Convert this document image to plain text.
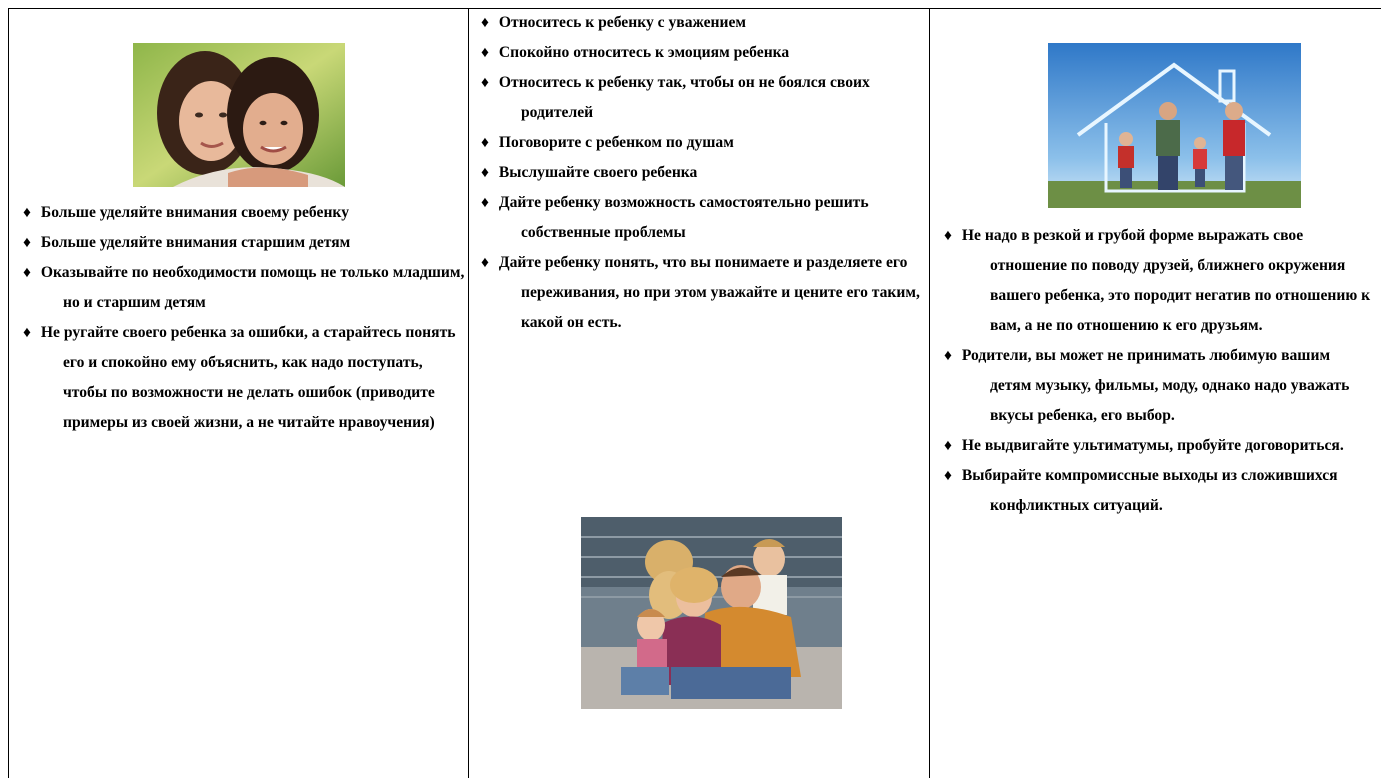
♦ Больше уделяйте внимания своему ребенку
♦ Больше уделяйте внимания старшим детям
♦ Оказывайте по необходимости помощь не только младшим, но и старшим детям
♦ Не ругайте своего ребенка за ошибки, а старайтесь понять его и спокойно ему объяснить, как надо поступать, чтобы по возможности не делать ошибок (приводите примеры из своей жизни, а не читайте нравоучения)
♦ Относитесь к ребенку с уважением
♦ Спокойно относитесь к эмоциям ребенка
♦ Относитесь к ребенку так, чтобы он не боялся своих родителей
♦ Поговорите с ребенком по душам
♦ Выслушайте своего ребенка
♦ Дайте ребенку возможность самостоятельно решить собственные проблемы
♦ Дайте ребенку понять, что вы понимаете и разделяете его переживания, но при этом уважайте и цените его таким, какой он есть.
♦ Не надо в резкой и грубой форме выражать свое отношение по поводу друзей, ближнего окружения вашего ребенка, это породит негатив по отношению к вам, а не по отношению к его друзьям.
♦ Родители, вы может не принимать любимую вашим детям музыку, фильмы, моду, однако надо уважать вкусы ребенка, его выбор.
♦ Не выдвигайте ультиматумы, пробуйте договориться.
♦ Выбирайте компромиссные выходы из сложившихся конфликтных ситуаций.
